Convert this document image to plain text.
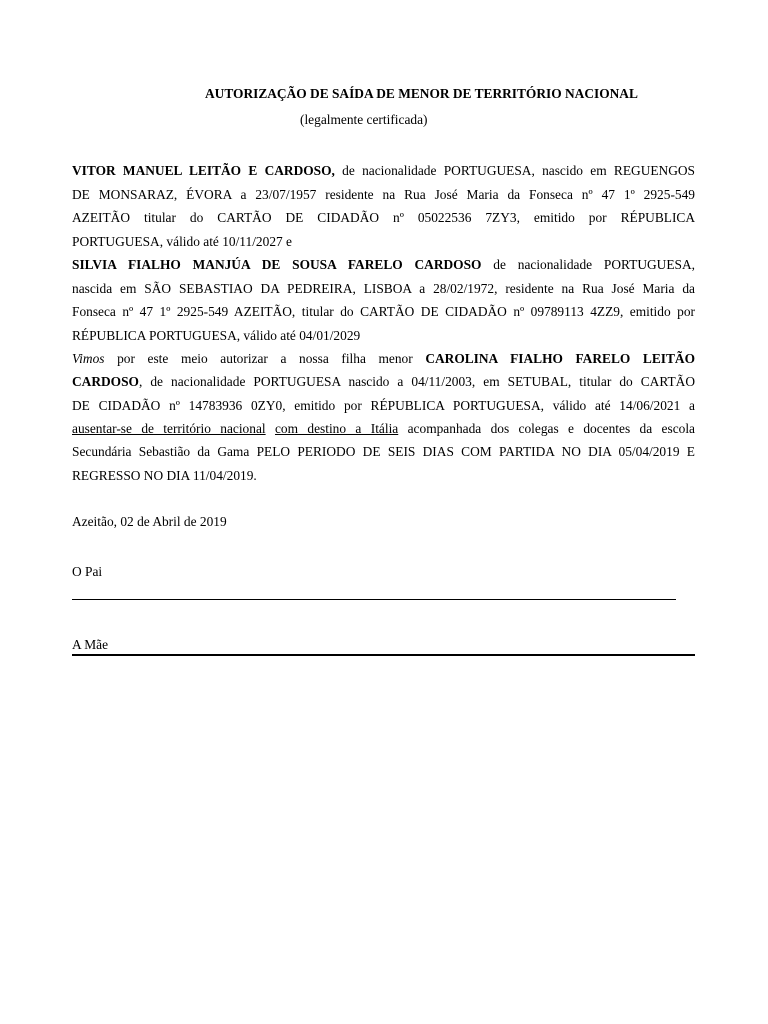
AUTORIZAÇÃO DE SAÍDA DE MENOR DE TERRITÓRIO NACIONAL
(legalmente certificada)
VITOR MANUEL LEITÃO E CARDOSO, de nacionalidade PORTUGUESA, nascido em REGUENGOS
DE MONSARAZ, ÉVORA a 23/07/1957 residente na Rua José Maria da Fonseca nº 47 1º 2925-549
AZEITÃO titular do CARTÃO DE CIDADÃO nº 05022536 7ZY3, emitido por RÉPUBLICA
PORTUGUESA, válido até 10/11/2027 e
SILVIA FIALHO MANJÚA DE SOUSA FARELO CARDOSO de nacionalidade PORTUGUESA,
nascida em SÃO SEBASTIAO DA PEDREIRA, LISBOA a 28/02/1972, residente na Rua José Maria da
Fonseca nº 47 1º 2925-549 AZEITÃO, titular do CARTÃO DE CIDADÃO nº 09789113 4ZZ9, emitido por
RÉPUBLICA PORTUGUESA, válido até 04/01/2029
Vimos por este meio autorizar a nossa filha menor CAROLINA FIALHO FARELO LEITÃO
CARDOSO, de nacionalidade PORTUGUESA nascido a 04/11/2003, em SETUBAL, titular do CARTÃO
DE CIDADÃO nº 14783936 0ZY0, emitido por RÉPUBLICA PORTUGUESA, válido até 14/06/2021 a
ausentar-se de território nacional com destino a Itália acompanhada dos colegas e docentes da escola
Secundária Sebastião da Gama PELO PERIODO DE SEIS DIAS COM PARTIDA NO DIA 05/04/2019 E
REGRESSO NO DIA 11/04/2019.
Azeitão, 02 de Abril de 2019
O Pai
A Mãe
